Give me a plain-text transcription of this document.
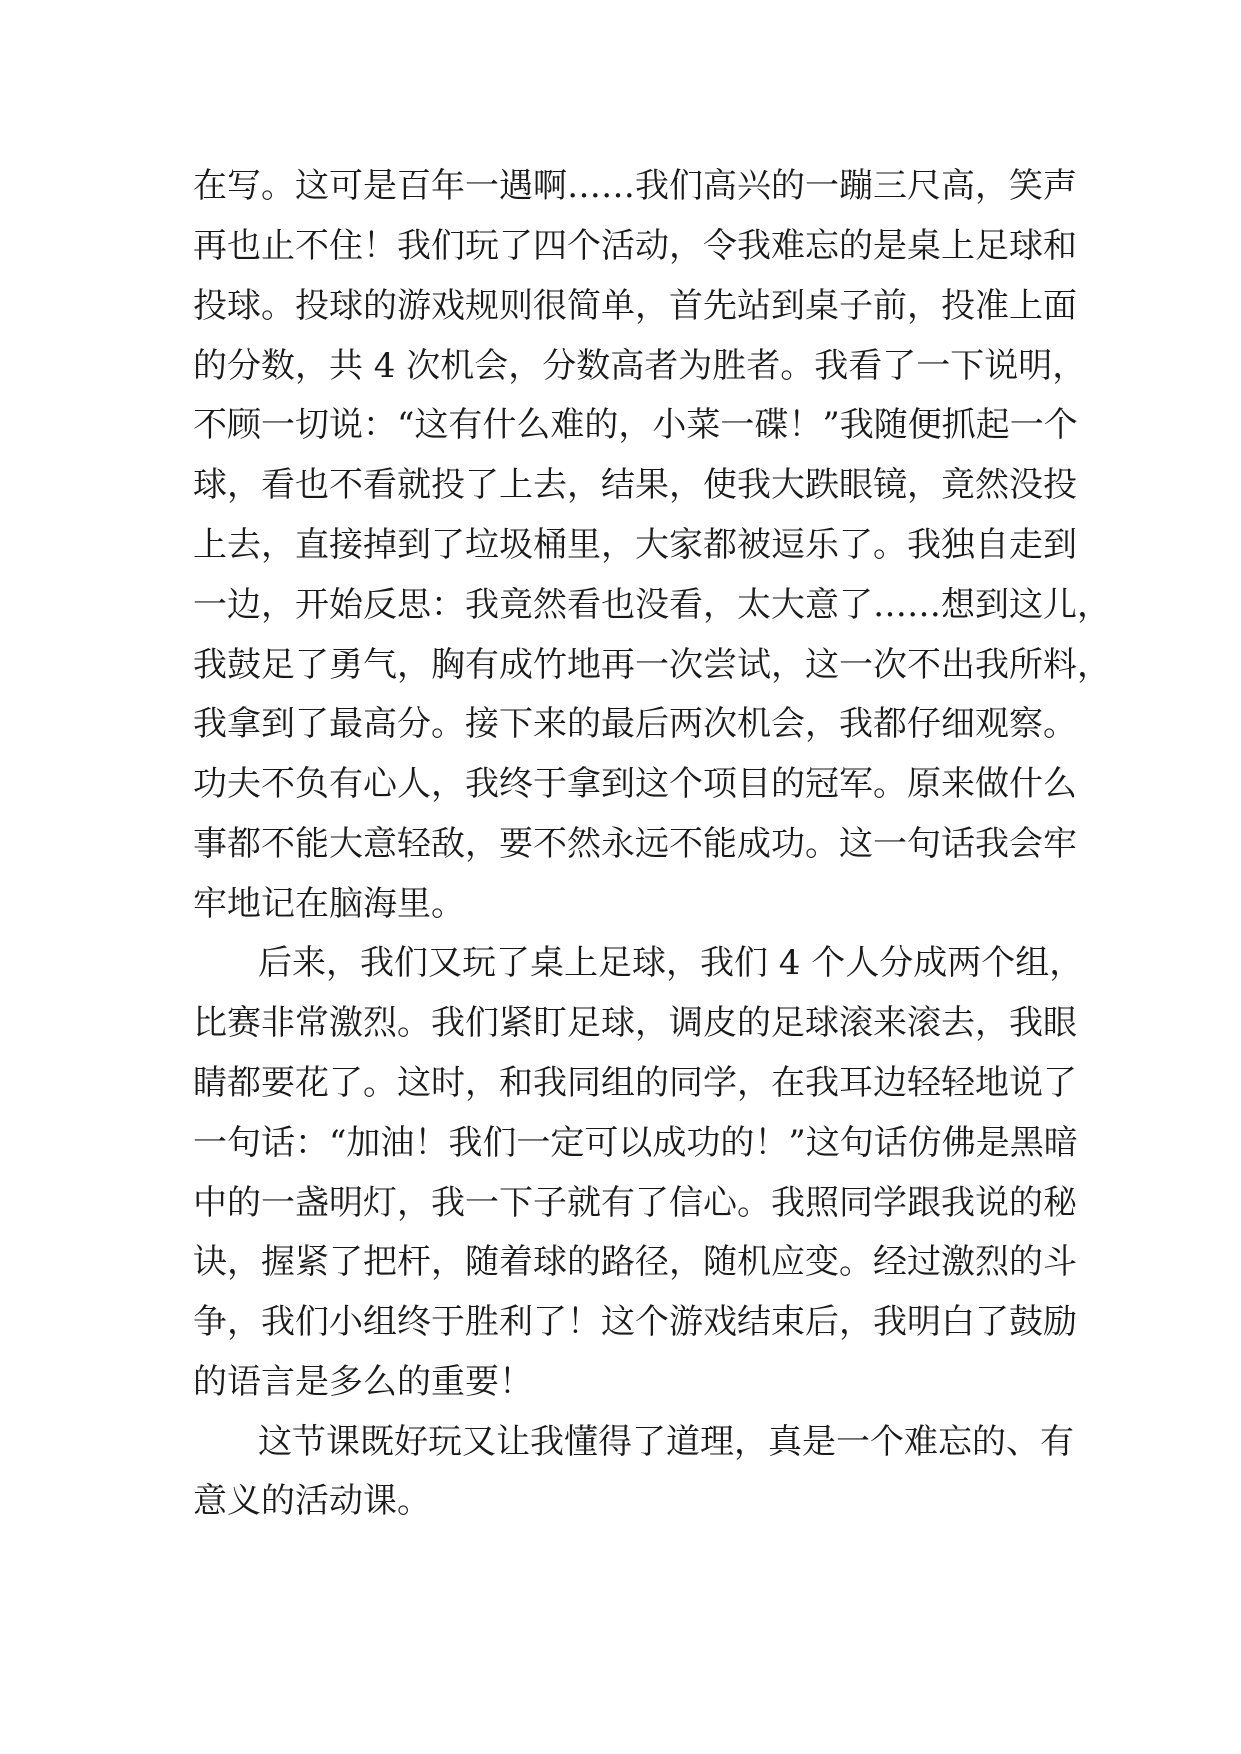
在写。这可是百年一遇啊……我们高兴的一蹦三尺高，笑声
再也止不住！我们玩了四个活动，令我难忘的是桌上足球和
投球。投球的游戏规则很简单，首先站到桌子前，投准上面
的分数，共 4 次机会，分数高者为胜者。我看了一下说明，
不顾一切说：“这有什么难的，小菜一碟！”我随便抓起一个
球，看也不看就投了上去，结果，使我大跌眼镜，竟然没投
上去，直接掉到了垃圾桶里，大家都被逗乐了。我独自走到
一边，开始反思：我竟然看也没看，太大意了……想到这儿，
我鼓足了勇气，胸有成竹地再一次尝试，这一次不出我所料，
我拿到了最高分。接下来的最后两次机会，我都仔细观察。
功夫不负有心人，我终于拿到这个项目的冠军。原来做什么
事都不能大意轻敌，要不然永远不能成功。这一句话我会牢
牢地记在脑海里。
后来，我们又玩了桌上足球，我们 4 个人分成两个组，
比赛非常激烈。我们紧盯足球，调皮的足球滚来滚去，我眼
睛都要花了。这时，和我同组的同学，在我耳边轻轻地说了
一句话：“加油！我们一定可以成功的！”这句话仿佛是黑暗
中的一盏明灯，我一下子就有了信心。我照同学跟我说的秘
诀，握紧了把杆，随着球的路径，随机应变。经过激烈的斗
争，我们小组终于胜利了！这个游戏结束后，我明白了鼓励
的语言是多么的重要！
这节课既好玩又让我懂得了道理，真是一个难忘的、有
意义的活动课。
